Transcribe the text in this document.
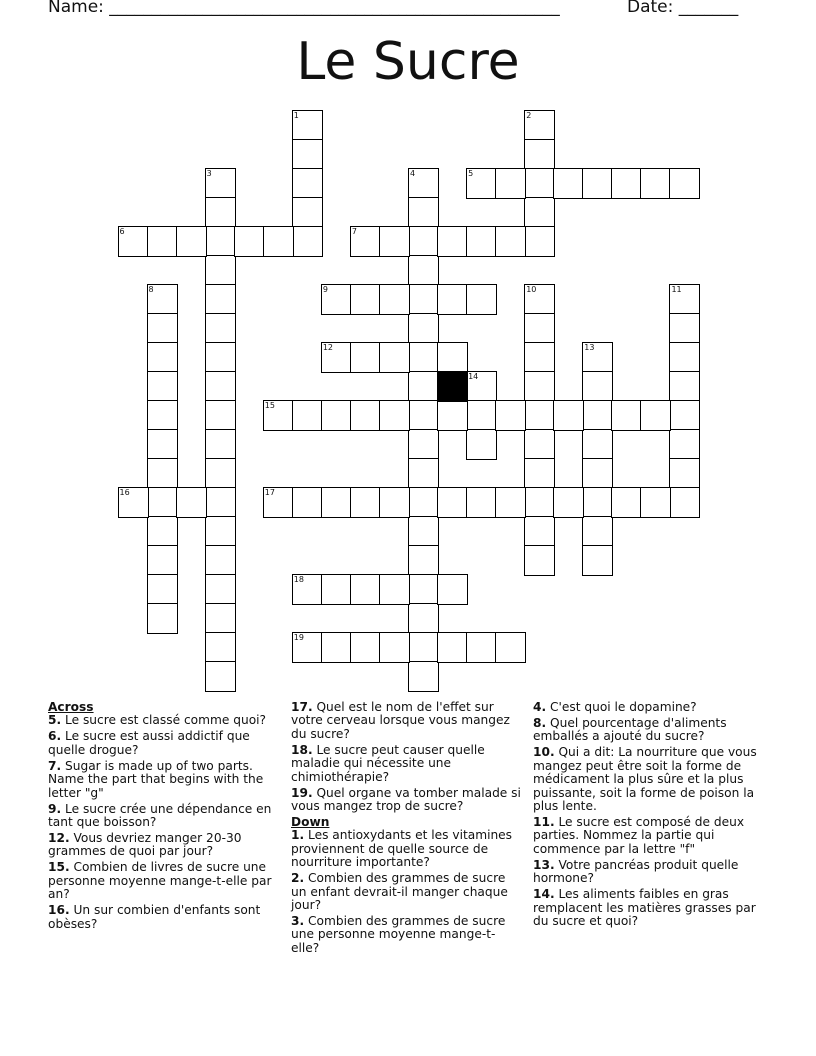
Name: _____________________________________________________	Date: _______
Le Sucre
1	2
3	4	5
6	7
8	9	10	11
12	13
14
15
16	17
18
19
Across
5. Le sucre est classé comme quoi?
6. Le sucre est aussi addictif que quelle drogue?
7. Sugar is made up of two parts. Name the part that begins with the letter "g"
9. Le sucre crée une dépendance en tant que boisson?
12. Vous devriez manger 20-30 grammes de quoi par jour?
15. Combien de livres de sucre une personne moyenne mange-t-elle par an?
16. Un sur combien d'enfants sont obèses?
17. Quel est le nom de l'effet sur votre cerveau lorsque vous mangez du sucre?
18. Le sucre peut causer quelle maladie qui nécessite une chimiothérapie?
19. Quel organe va tomber malade si vous mangez trop de sucre?
Down
1. Les antioxydants et les vitamines proviennent de quelle source de nourriture importante?
2. Combien des grammes de sucre un enfant devrait-il manger chaque jour?
3. Combien des grammes de sucre une personne moyenne mange-t-elle?
4. C'est quoi le dopamine?
8. Quel pourcentage d'aliments emballés a ajouté du sucre?
10. Qui a dit: La nourriture que vous mangez peut être soit la forme de médicament la plus sûre et la plus puissante, soit la forme de poison la plus lente.
11. Le sucre est composé de deux parties. Nommez la partie qui commence par la lettre "f"
13. Votre pancréas produit quelle hormone?
14. Les aliments faibles en gras remplacent les matières grasses par du sucre et quoi?
